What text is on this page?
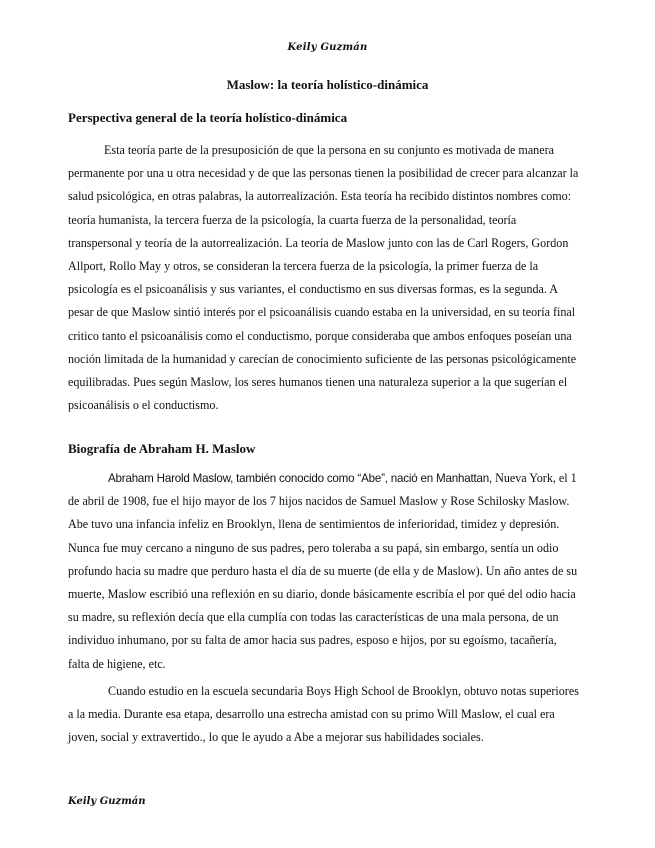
Keily Guzmán
Maslow: la teoría holístico-dinámica
Perspectiva general de la teoría holístico-dinámica

Esta teoría parte de la presuposición de que la persona en su conjunto es motivada de manera permanente por una u otra necesidad y de que las personas tienen la posibilidad de crecer para alcanzar la salud psicológica, en otras palabras, la autorrealización. Esta teoría ha recibido distintos nombres como: teoría humanista, la tercera fuerza de la psicología, la cuarta fuerza de la personalidad, teoría transpersonal y teoría de la autorrealización. La teoría de Maslow junto con las de Carl Rogers, Gordon Allport, Rollo May y otros, se consideran la tercera fuerza de la psicología, la primer fuerza de la psicología es el psicoanálisis y sus variantes, el conductismo en sus diversas formas, es la segunda. A pesar de que Maslow sintió interés por el psicoanálisis cuando estaba en la universidad, en su teoría final critico tanto el psicoanálisis como el conductismo, porque consideraba que ambos enfoques poseían una noción limitada de la humanidad y carecían de conocimiento suficiente de las personas psicológicamente equilibradas. Pues según Maslow, los seres humanos tienen una naturaleza superior a la que sugerían el psicoanálisis o el conductismo.

Biografía de Abraham H. Maslow

Abraham Harold Maslow, también conocido como “Abe”, nació en Manhattan, Nueva York, el 1 de abril de 1908, fue el hijo mayor de los 7 hijos nacidos de Samuel Maslow y Rose Schilosky Maslow. Abe tuvo una infancia infeliz en Brooklyn, llena de sentimientos de inferioridad, timidez y depresión. Nunca fue muy cercano a ninguno de sus padres, pero toleraba a su papá, sin embargo, sentía un odio profundo hacia su madre que perduro hasta el día de su muerte (de ella y de Maslow). Un año antes de su muerte, Maslow escribió una reflexión en su diario, donde básicamente escribía el por qué del odio hacia su madre, su reflexión decía que ella cumplía con todas las características de una mala persona, de un individuo inhumano, por su falta de amor hacia sus padres, esposo e hijos, por su egoísmo, tacañería, falta de higiene, etc.

Cuando estudio en la escuela secundaria Boys High School de Brooklyn, obtuvo notas superiores a la media. Durante esa etapa, desarrollo una estrecha amistad con su primo Will Maslow, el cual era joven, social y extravertido., lo que le ayudo a Abe a mejorar sus habilidades sociales.

Keily Guzmán
